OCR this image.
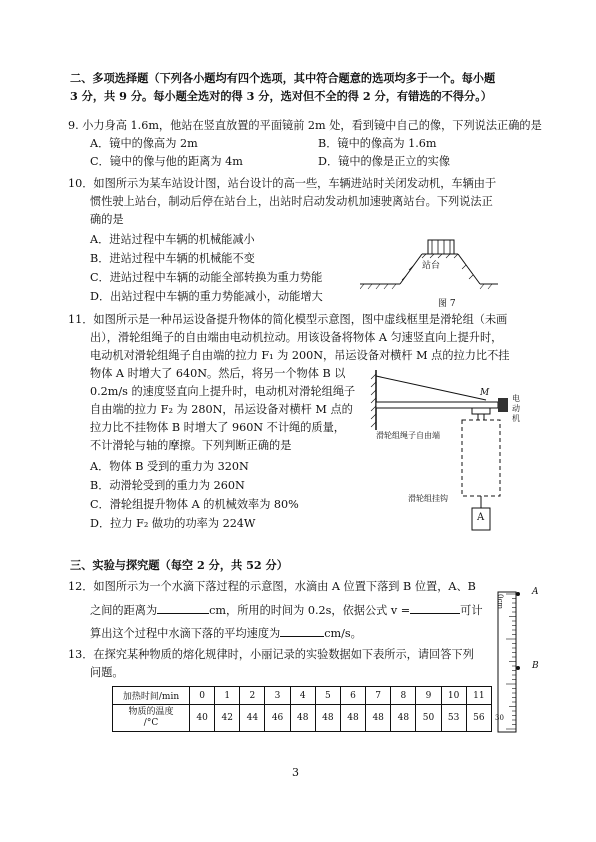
二、多项选择题（下列各小题均有四个选项，其中符合题意的选项均多于一个。每小题
3 分，共 9 分。每小题全选对的得 3 分，选对但不全的得 2 分，有错选的不得分。）
9. 小力身高 1.6m，他站在竖直放置的平面镜前 2m 处，看到镜中自己的像，下列说法正确的是
A．镜中的像高为 2m	B．镜中的像高为 1.6m
C．镜中的像与他的距离为 4m	D．镜中的像是正立的实像
10．如图所示为某车站设计图，站台设计的高一些，车辆进站时关闭发动机，车辆由于
惯性驶上站台，制动后停在站台上，出站时启动发动机加速驶离站台。下列说法正
确的是
A．进站过程中车辆的机械能减小
B．进站过程中车辆的机械能不变
C．进站过程中车辆的动能全部转换为重力势能
D．出站过程中车辆的重力势能减小，动能增大
站台
图 7
11．如图所示是一种吊运设备提升物体的简化模型示意图，图中虚线框里是滑轮组（未画
出），滑轮组绳子的自由端由电动机拉动。用该设备将物体 A 匀速竖直向上提升时，
电动机对滑轮组绳子自由端的拉力 F₁ 为 200N，吊运设备对横杆 M 点的拉力比不挂
物体 A 时增大了 640N。然后，将另一个物体 B 以
0.2m/s 的速度竖直向上提升时，电动机对滑轮组绳子
自由端的拉力 F₂ 为 280N，吊运设备对横杆 M 点的
拉力比不挂物体 B 时增大了 960N 不计绳的质量，
不计滑轮与轴的摩擦。下列判断正确的是
A．物体 B 受到的重力为 320N
B．动滑轮受到的重力为 260N
C．滑轮组提升物体 A 的机械效率为 80%
D．拉力 F₂ 做功的功率为 224W
M
电动机
滑轮组绳子自由端
滑轮组挂钩
A
三、实验与探究题（每空 2 分，共 52 分）
12．如图所示为一个水滴下落过程的示意图，水滴由 A 位置下落到 B 位置，A、B
之间的距离为	cm，所用的时间为 0.2s，依据公式 v =	可计
算出这个过程中水滴下落的平均速度为	cm/s。
A
B
0cm
30
13．在探究某种物质的熔化规律时，小丽记录的实验数据如下表所示，请回答下列
问题。
加热时间/min	0	1	2	3	4	5	6	7	8	9	10	11
物质的温度
/°C	40	42	44	46	48	48	48	48	48	50	53	56
3
